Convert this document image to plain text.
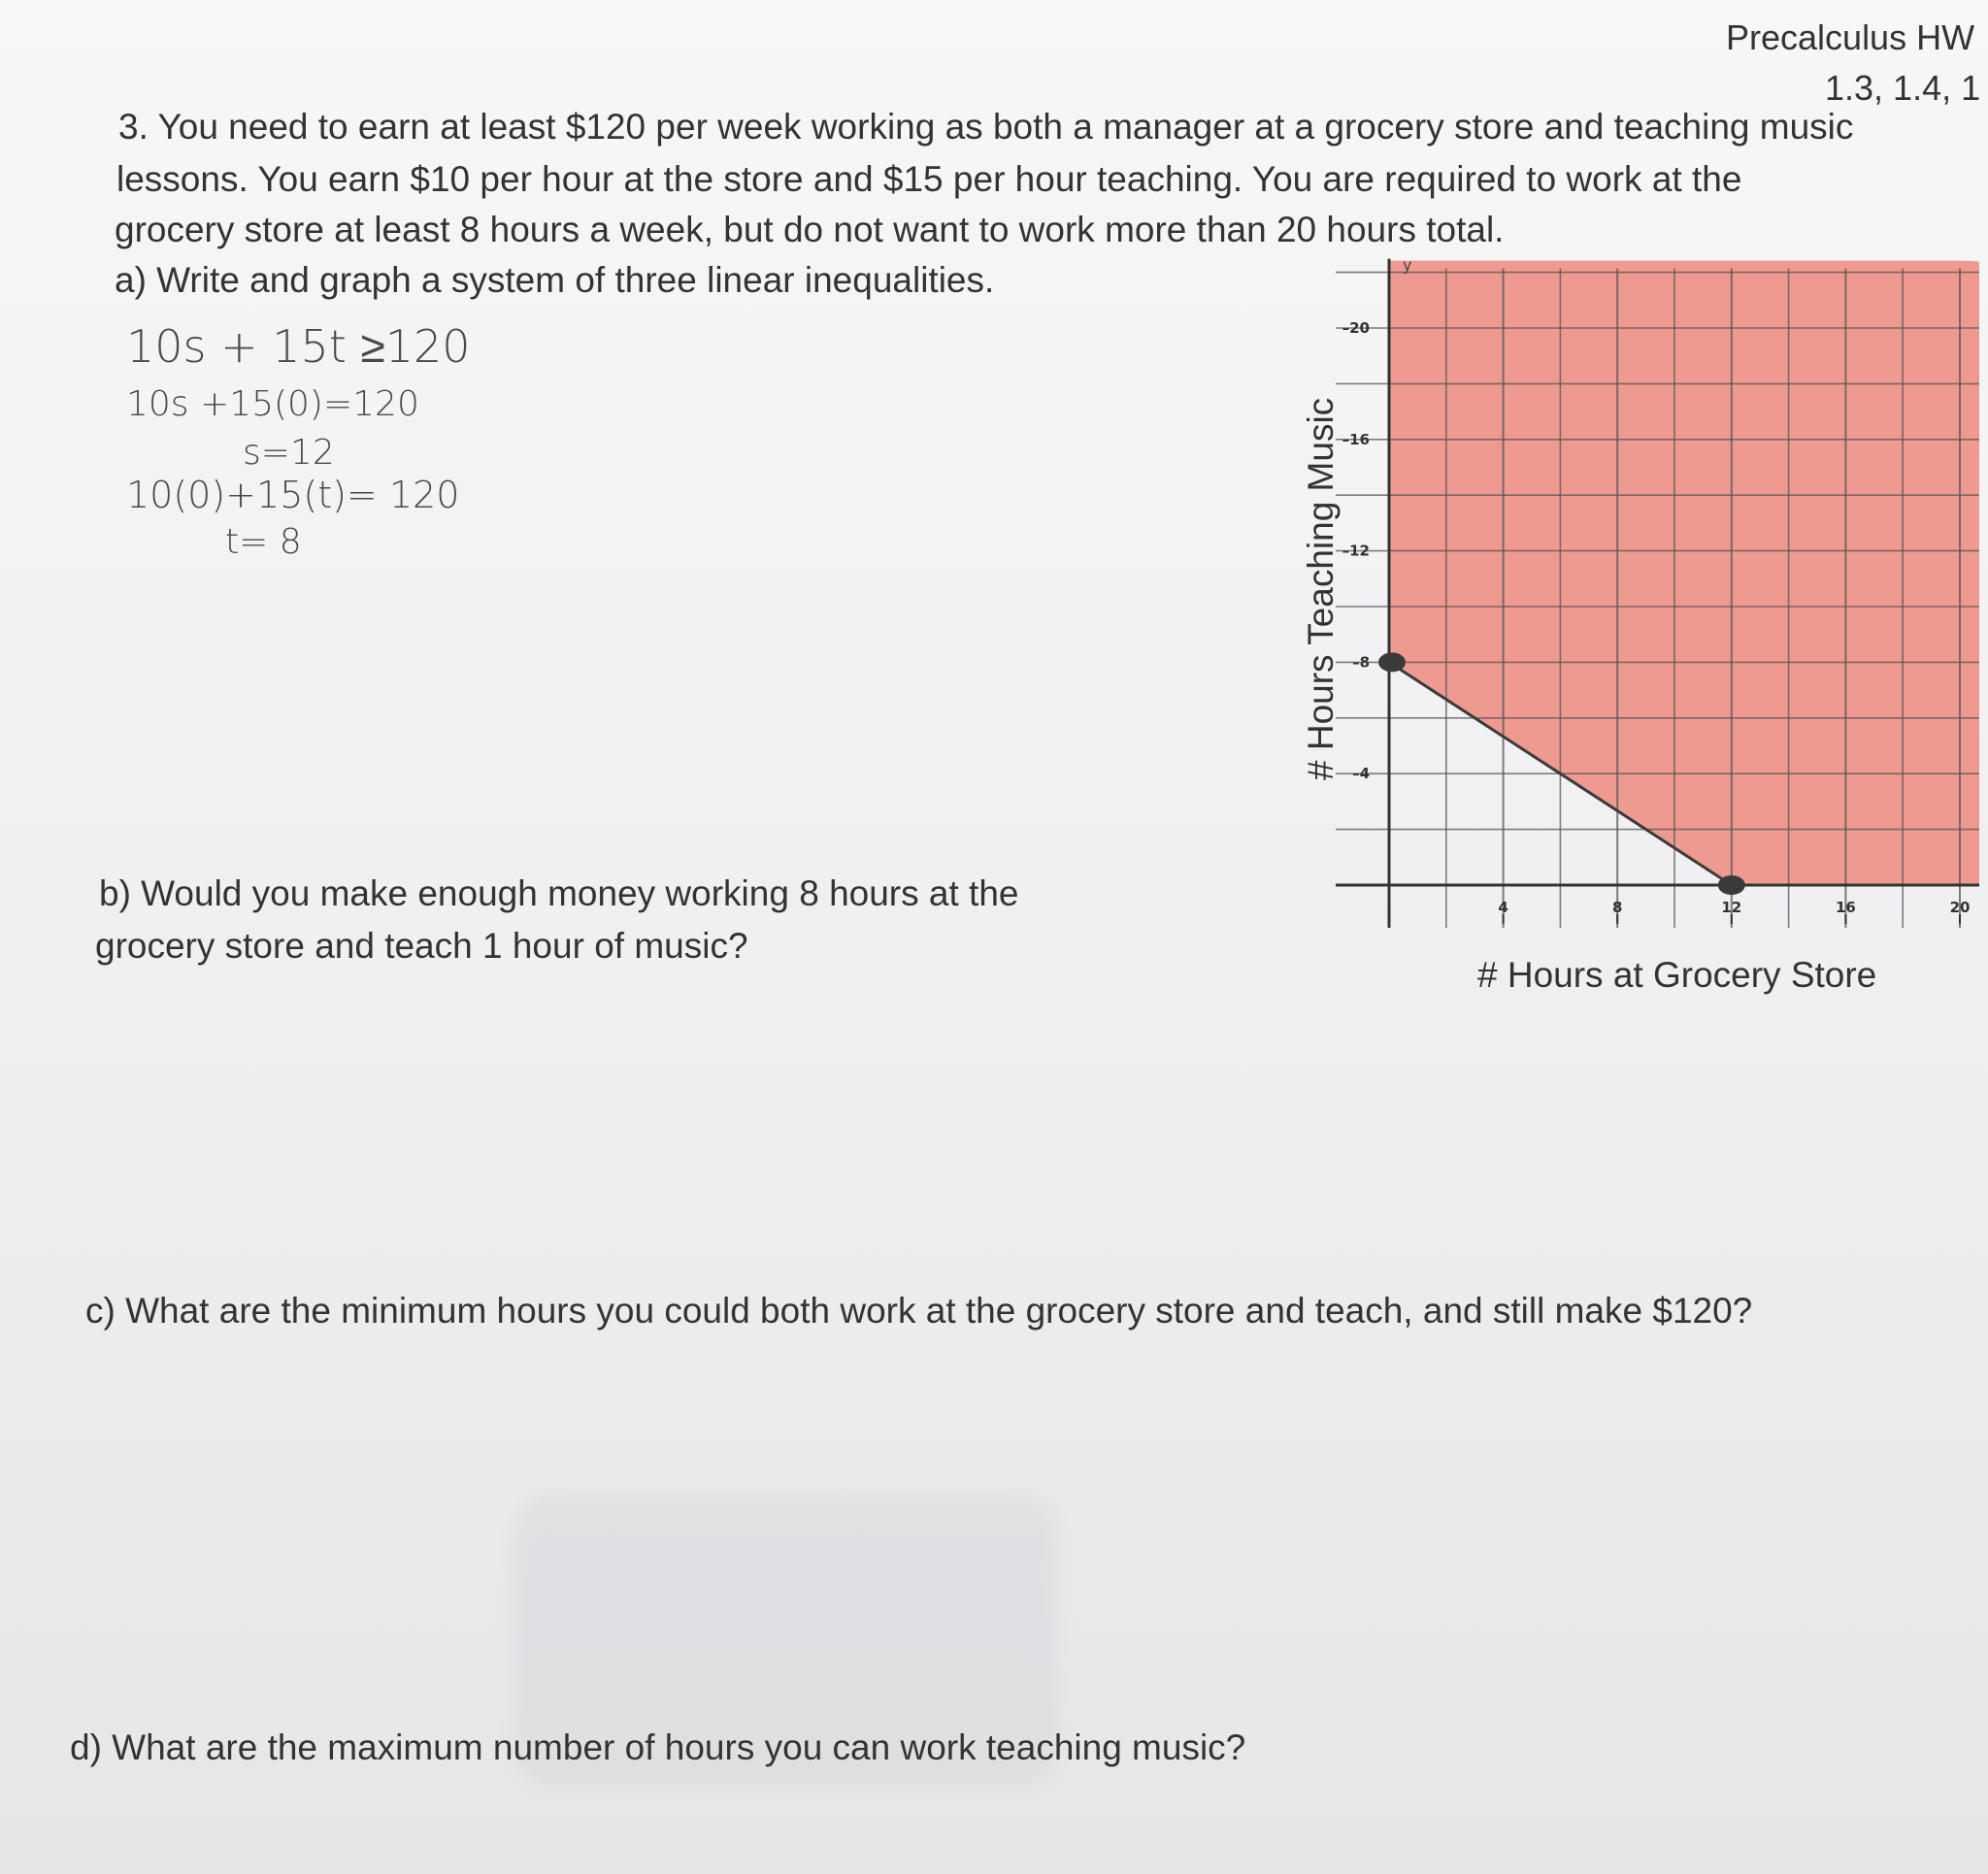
Precalculus HW
1.3, 1.4, 1
3. You need to earn at least $120 per week working as both a manager at a grocery store and teaching music
lessons. You earn $10 per hour at the store and $15 per hour teaching. You are required to work at the
grocery store at least 8 hours a week, but do not want to work more than 20 hours total.
a) Write and graph a system of three linear inequalities.
10s + 15t ≥120
10s +15(0)=120
s=12
10(0)+15(t)= 120
t= 8
b) Would you make enough money working 8 hours at the
grocery store and teach 1 hour of music?
y
–4
–8
–12
–16
–20
4	8	12	16	20
# Hours Teaching Music
# Hours at Grocery Store
c) What are the minimum hours you could both work at the grocery store and teach, and still make $120?
d) What are the maximum number of hours you can work teaching music?
